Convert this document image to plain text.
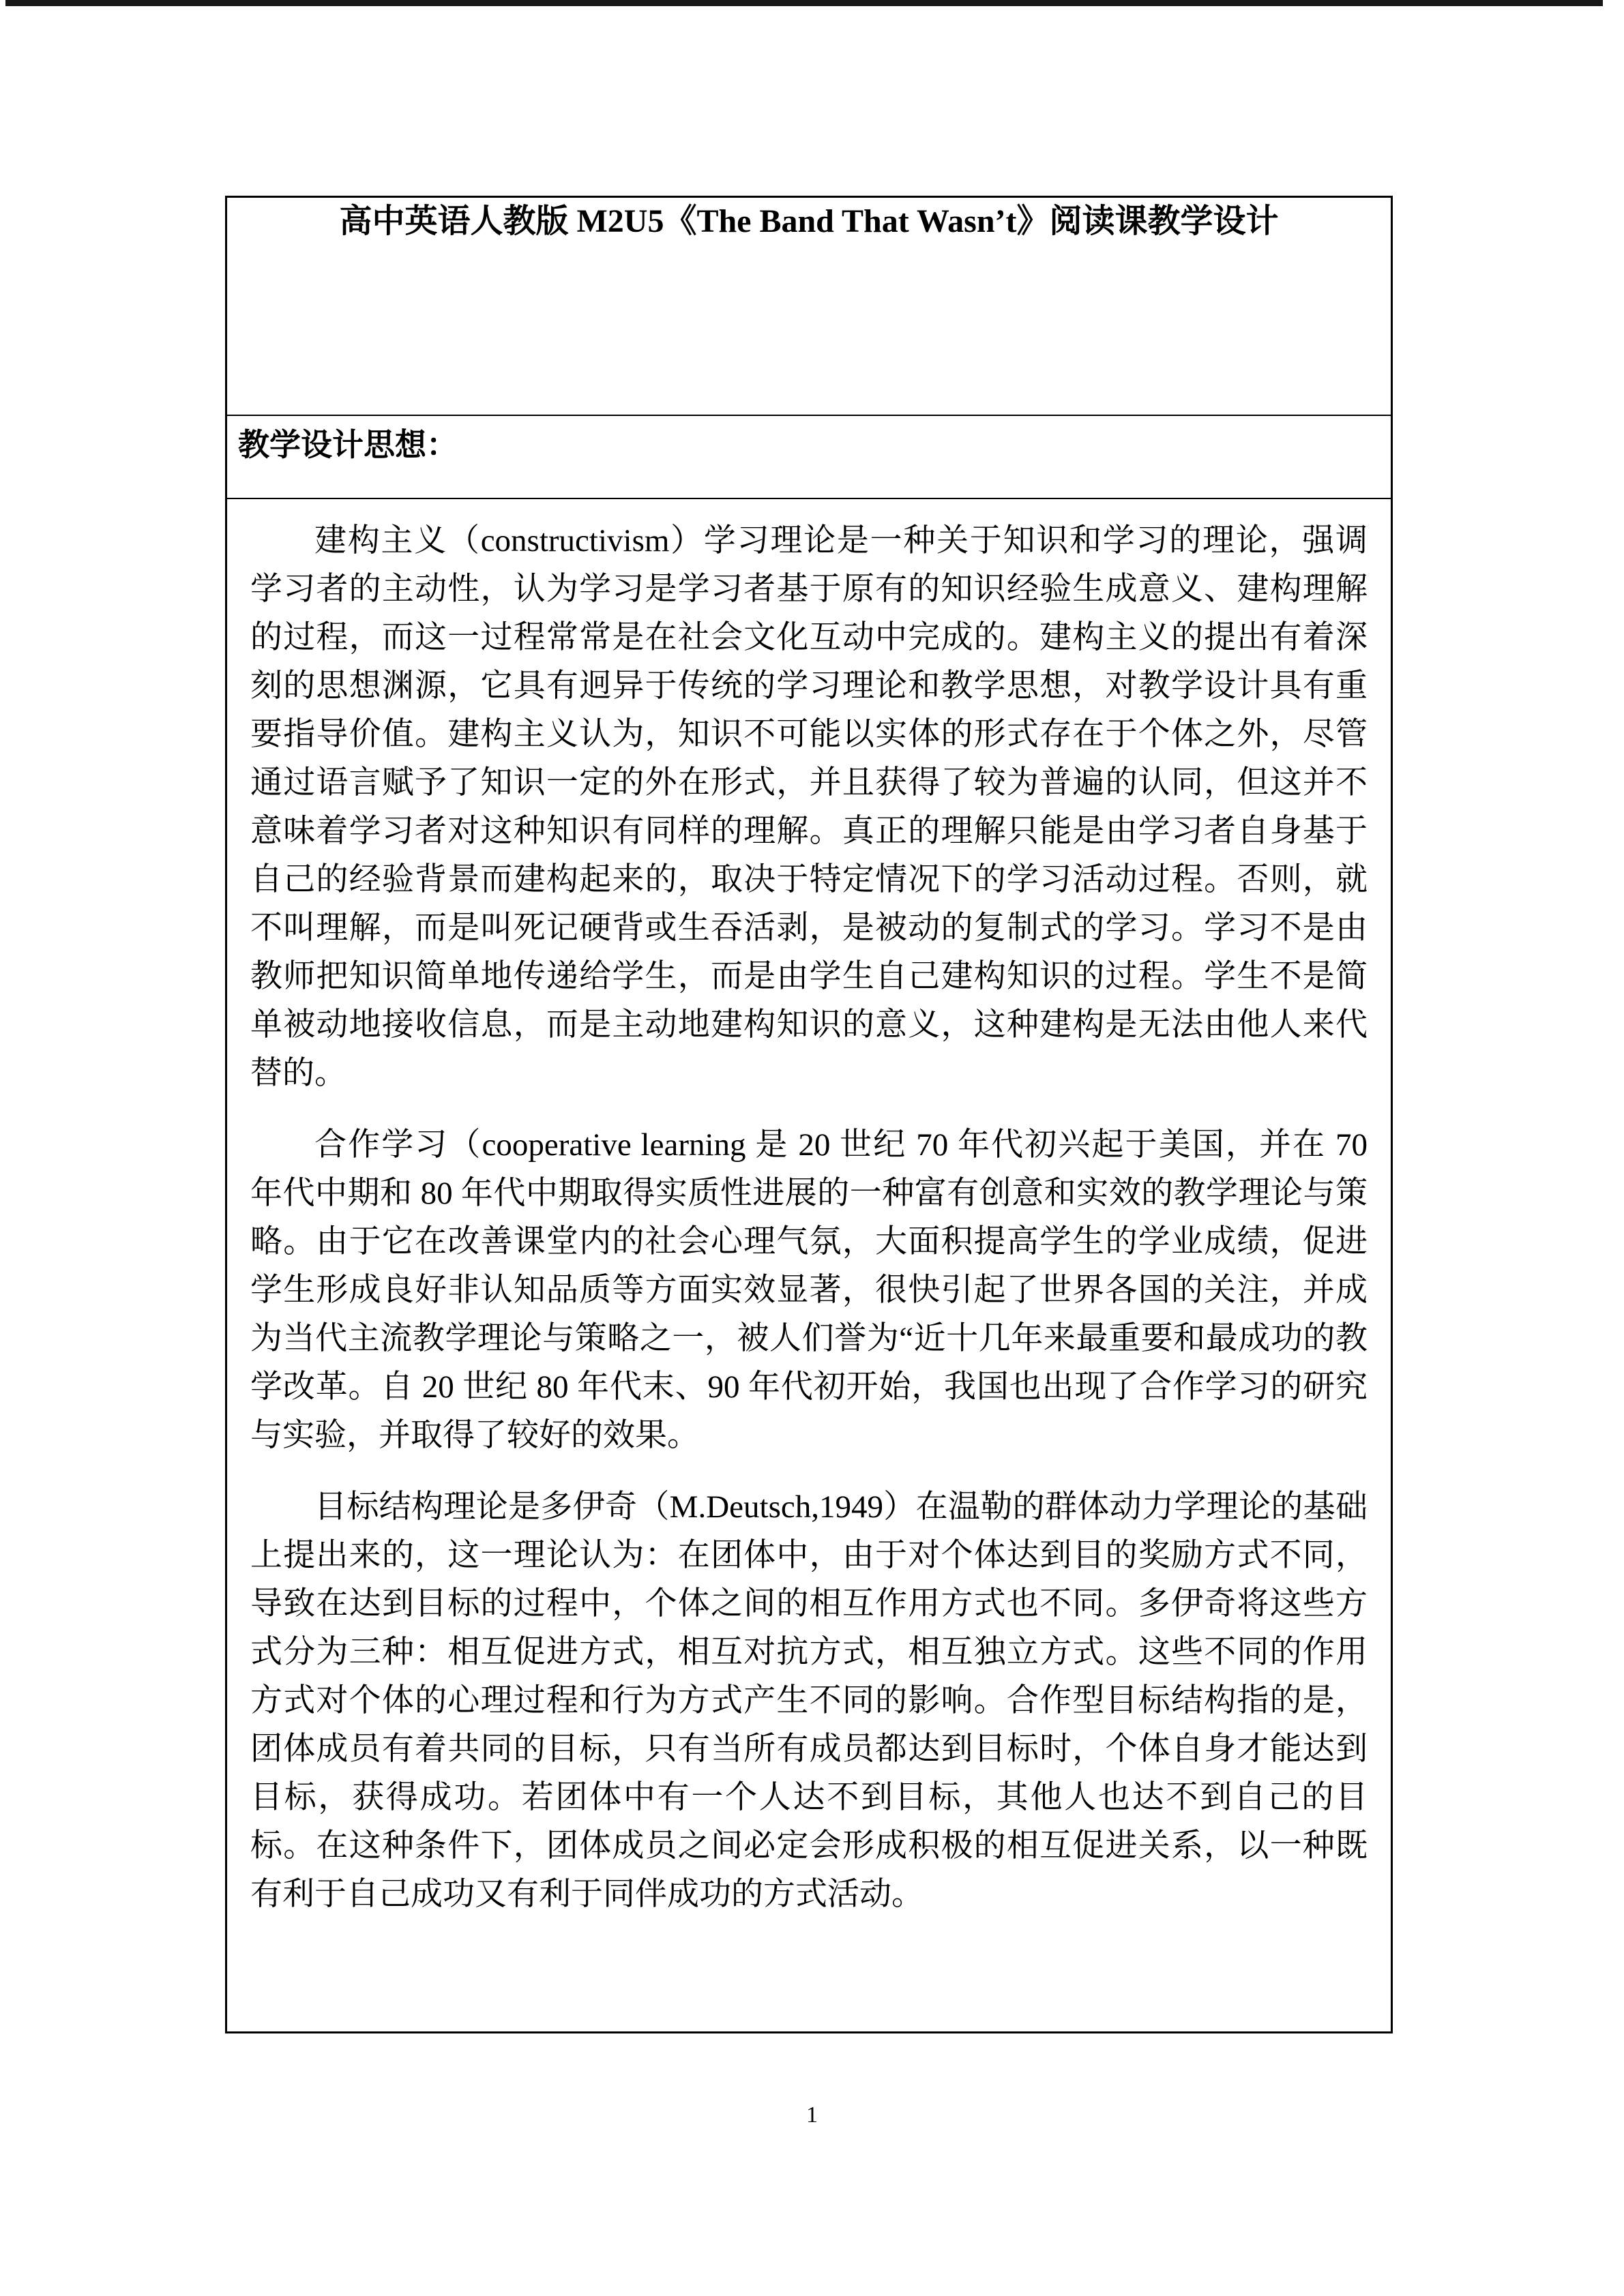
高中英语人教版 M2U5《The Band That Wasn’t》阅读课教学设计
教学设计思想：

建构主义（constructivism）学习理论是一种关于知识和学习的理论，强调学习者的主动性，认为学习是学习者基于原有的知识经验生成意义、建构理解的过程，而这一过程常常是在社会文化互动中完成的。建构主义的提出有着深刻的思想渊源，它具有迥异于传统的学习理论和教学思想，对教学设计具有重要指导价值。建构主义认为，知识不可能以实体的形式存在于个体之外，尽管通过语言赋予了知识一定的外在形式，并且获得了较为普遍的认同，但这并不意味着学习者对这种知识有同样的理解。真正的理解只能是由学习者自身基于自己的经验背景而建构起来的，取决于特定情况下的学习活动过程。否则，就不叫理解，而是叫死记硬背或生吞活剥，是被动的复制式的学习。学习不是由教师把知识简单地传递给学生，而是由学生自己建构知识的过程。学生不是简单被动地接收信息，而是主动地建构知识的意义，这种建构是无法由他人来代替的。

合作学习（cooperative learning 是 20 世纪 70 年代初兴起于美国，并在 70 年代中期和 80 年代中期取得实质性进展的一种富有创意和实效的教学理论与策略。由于它在改善课堂内的社会心理气氛，大面积提高学生的学业成绩，促进学生形成良好非认知品质等方面实效显著，很快引起了世界各国的关注，并成为当代主流教学理论与策略之一，被人们誉为“近十几年来最重要和最成功的教学改革。自 20 世纪 80 年代末、90 年代初开始，我国也出现了合作学习的研究与实验，并取得了较好的效果。

目标结构理论是多伊奇（M.Deutsch,1949）在温勒的群体动力学理论的基础上提出来的，这一理论认为：在团体中，由于对个体达到目的奖励方式不同，导致在达到目标的过程中，个体之间的相互作用方式也不同。多伊奇将这些方式分为三种：相互促进方式，相互对抗方式，相互独立方式。这些不同的作用方式对个体的心理过程和行为方式产生不同的影响。合作型目标结构指的是，团体成员有着共同的目标，只有当所有成员都达到目标时，个体自身才能达到目标，获得成功。若团体中有一个人达不到目标，其他人也达不到自己的目标。在这种条件下，团体成员之间必定会形成积极的相互促进关系，以一种既有利于自己成功又有利于同伴成功的方式活动。

1
